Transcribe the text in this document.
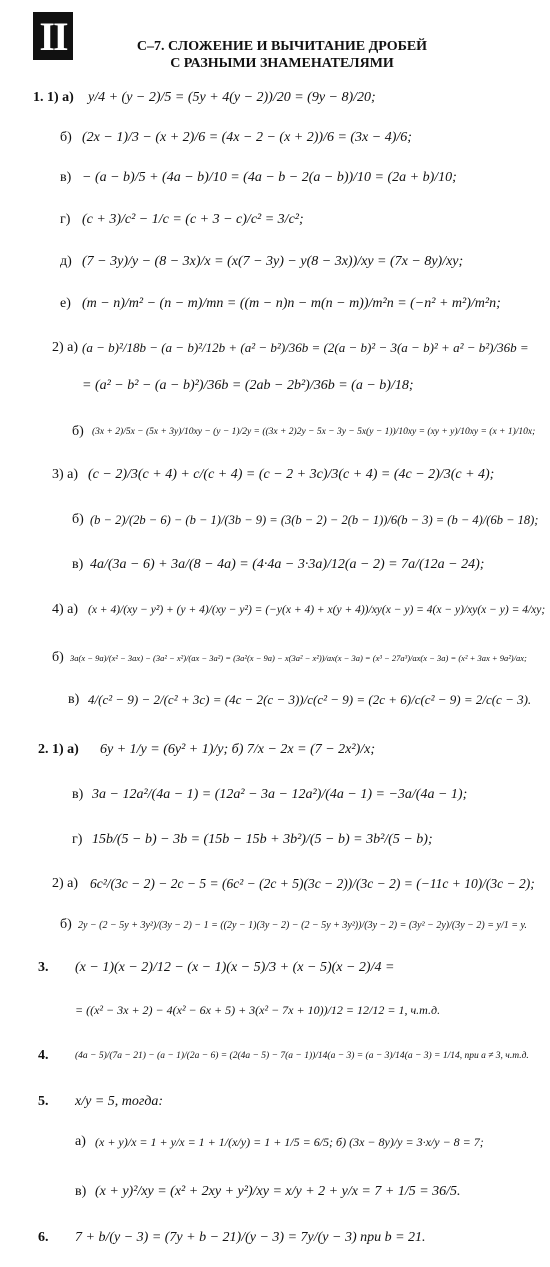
II	С–7. СЛОЖЕНИЕ И ВЫЧИТАНИЕ ДРОБЕЙ
С РАЗНЫМИ ЗНАМЕНАТЕЛЯМИ
1. 1) а) y/4 + (y − 2)/5 = (5y + 4(y − 2))/20 = (9y − 8)/20;
б) (2x − 1)/3 − (x + 2)/6 = (4x − 2 − (x + 2))/6 = (3x − 4)/6;
в) − (a − b)/5 + (4a − b)/10 = (4a − b − 2(a − b))/10 = (2a + b)/10;
г) (c + 3)/c² − 1/c = (c + 3 − c)/c² = 3/c²;
д) (7 − 3y)/y − (8 − 3x)/x = (x(7 − 3y) − y(8 − 3x))/xy = (7x − 8y)/xy;
е) (m − n)/m² − (n − m)/mn = ((m − n)n − m(n − m))/m²n = (−n² + m²)/m²n;
2) а) (a − b)²/18b − (a − b)²/12b + (a² − b²)/36b = (2(a − b)² − 3(a − b)² + a² − b²)/36b =
= (a² − b² − (a − b)²)/36b = (2ab − 2b²)/36b = (a − b)/18;
б) (3x + 2)/5x − (5x + 3y)/10xy − (y − 1)/2y = ((3x + 2)2y − 5x − 3y − 5x(y − 1))/10xy = (xy + y)/10xy = (x + 1)/10x;
3) а) (c − 2)/3(c + 4) + c/(c + 4) = (c − 2 + 3c)/3(c + 4) = (4c − 2)/3(c + 4);
б) (b − 2)/(2b − 6) − (b − 1)/(3b − 9) = (3(b − 2) − 2(b − 1))/6(b − 3) = (b − 4)/(6b − 18);
в) 4a/(3a − 6) + 3a/(8 − 4a) = (4·4a − 3·3a)/12(a − 2) = 7a/(12a − 24);
4) а) (x + 4)/(xy − y²) + (y + 4)/(xy − y²) = (−y(x + 4) + x(y + 4))/xy(x − y) = 4(x − y)/xy(x − y) = 4/xy;
б) 3a(x − 9a)/(x² − 3ax) − (3a² − x²)/(ax − 3a²) = (3a²(x − 9a) − x(3a² − x²))/ax(x − 3a) = (x³ − 27a³)/ax(x − 3a) = (x² + 3ax + 9a²)/ax;
в) 4/(c² − 9) − 2/(c² + 3c) = (4c − 2(c − 3))/c(c² − 9) = (2c + 6)/c(c² − 9) = 2/c(c − 3).
2. 1) а) 6y + 1/y = (6y² + 1)/y; б) 7/x − 2x = (7 − 2x²)/x;
в) 3a − 12a²/(4a − 1) = (12a² − 3a − 12a²)/(4a − 1) = −3a/(4a − 1);
г) 15b/(5 − b) − 3b = (15b − 15b + 3b²)/(5 − b) = 3b²/(5 − b);
2) а) 6c²/(3c − 2) − 2c − 5 = (6c² − (2c + 5)(3c − 2))/(3c − 2) = (−11c + 10)/(3c − 2);
б) 2y − (2 − 5y + 3y²)/(3y − 2) − 1 = ((2y − 1)(3y − 2) − (2 − 5y + 3y²))/(3y − 2) = (3y² − 2y)/(3y − 2) = y/1 = y.
3. (x − 1)(x − 2)/12 − (x − 1)(x − 5)/3 + (x − 5)(x − 2)/4 =
= ((x² − 3x + 2) − 4(x² − 6x + 5) + 3(x² − 7x + 10))/12 = 12/12 = 1, ч.т.д.
4.	(4a − 5)/(7a − 21) − (a − 1)/(2a − 6) = (2(4a − 5) − 7(a − 1))/14(a − 3) = (a − 3)/14(a − 3) = 1/14, при a ≠ 3, ч.т.д.
5. x/y = 5, тогда:
а) (x + y)/x = 1 + y/x = 1 + 1/(x/y) = 1 + 1/5 = 6/5; б) (3x − 8y)/y = 3·x/y − 8 = 7;
в) (x + y)²/xy = (x² + 2xy + y²)/xy = x/y + 2 + y/x = 7 + 1/5 = 36/5.
6. 7 + b/(y − 3) = (7y + b − 21)/(y − 3) = 7y/(y − 3) при b = 21.
